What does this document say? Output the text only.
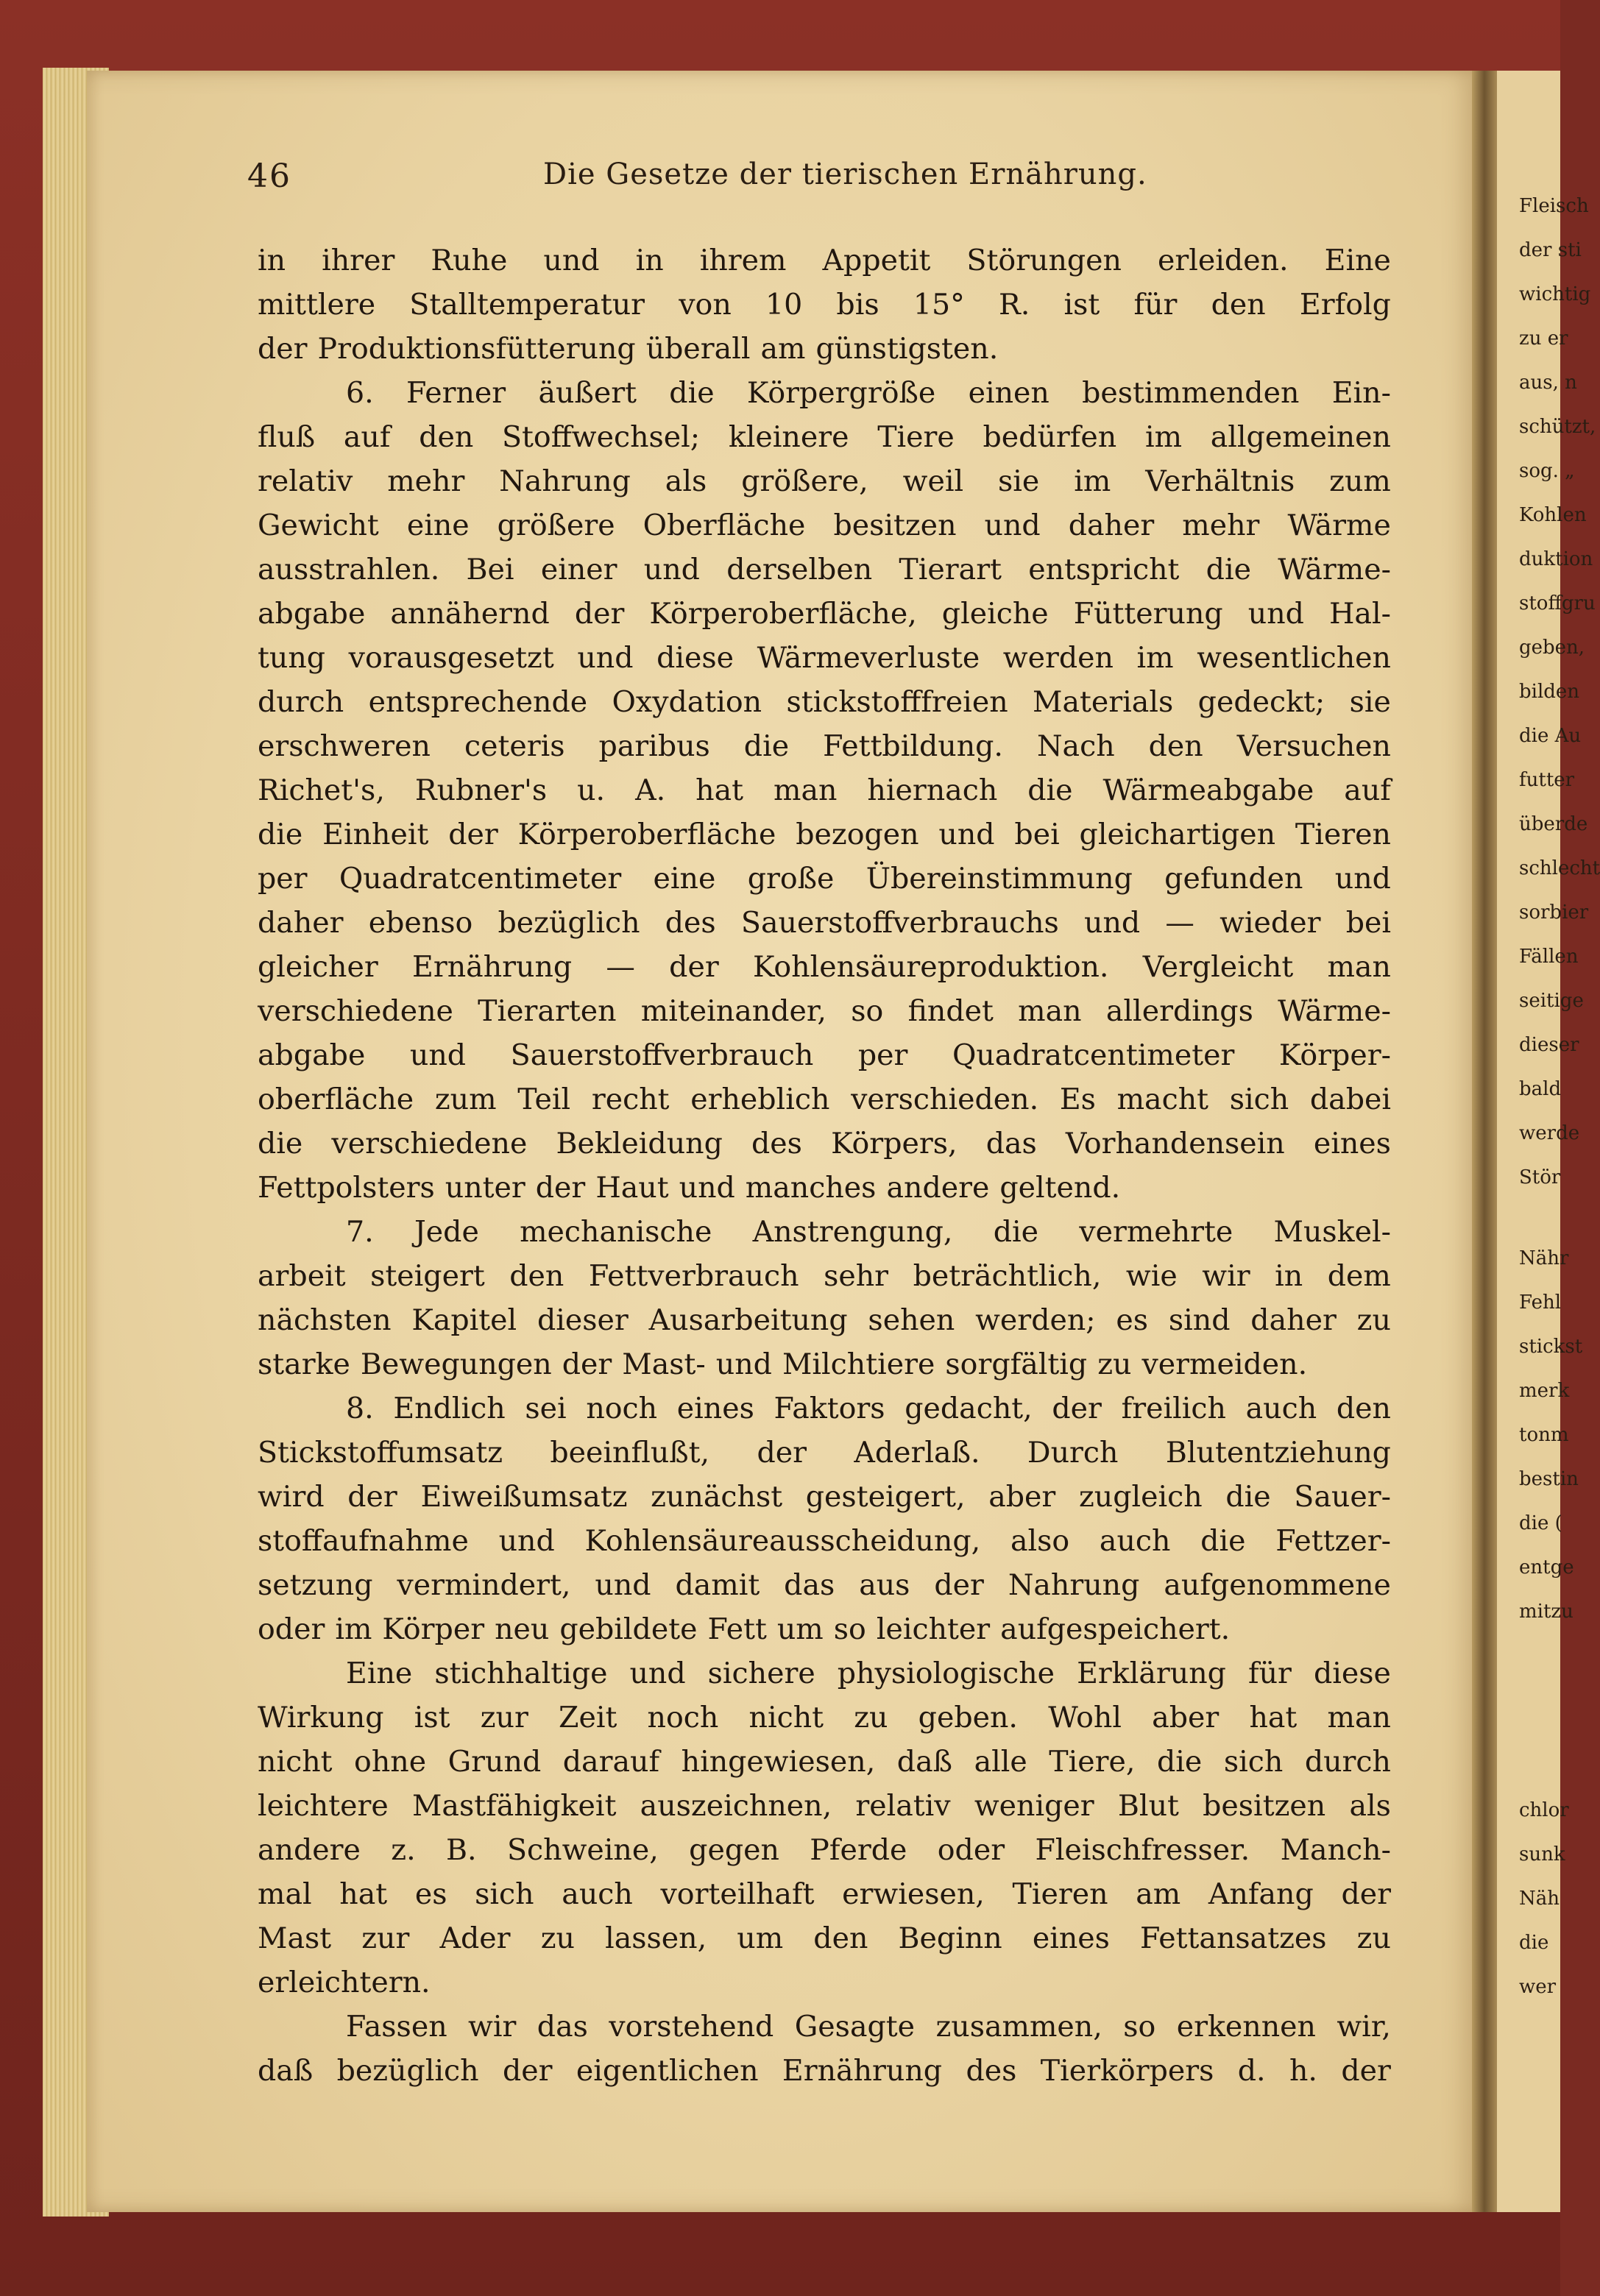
46	Die Gesetze der tierischen Ernährung.
in ihrer Ruhe und in ihrem Appetit Störungen erleiden. Eine
mittlere Stalltemperatur von 10 bis 15° R. ist für den Erfolg
der Produktionsfütterung überall am günstigsten.
6. Ferner äußert die Körpergröße einen bestimmenden Ein-
fluß auf den Stoffwechsel; kleinere Tiere bedürfen im allgemeinen
relativ mehr Nahrung als größere, weil sie im Verhältnis zum
Gewicht eine größere Oberfläche besitzen und daher mehr Wärme
ausstrahlen. Bei einer und derselben Tierart entspricht die Wärme-
abgabe annähernd der Körperoberfläche, gleiche Fütterung und Hal-
tung vorausgesetzt und diese Wärmeverluste werden im wesentlichen
durch entsprechende Oxydation stickstofffreien Materials gedeckt; sie
erschweren ceteris paribus die Fettbildung. Nach den Versuchen
Richet's, Rubner's u. A. hat man hiernach die Wärmeabgabe auf
die Einheit der Körperoberfläche bezogen und bei gleichartigen Tieren
per Quadratcentimeter eine große Übereinstimmung gefunden und
daher ebenso bezüglich des Sauerstoffverbrauchs und — wieder bei
gleicher Ernährung — der Kohlensäureproduktion. Vergleicht man
verschiedene Tierarten miteinander, so findet man allerdings Wärme-
abgabe und Sauerstoffverbrauch per Quadratcentimeter Körper-
oberfläche zum Teil recht erheblich verschieden. Es macht sich dabei
die verschiedene Bekleidung des Körpers, das Vorhandensein eines
Fettpolsters unter der Haut und manches andere geltend.
7. Jede mechanische Anstrengung, die vermehrte Muskel-
arbeit steigert den Fettverbrauch sehr beträchtlich, wie wir in dem
nächsten Kapitel dieser Ausarbeitung sehen werden; es sind daher zu
starke Bewegungen der Mast- und Milchtiere sorgfältig zu vermeiden.
8. Endlich sei noch eines Faktors gedacht, der freilich auch den
Stickstoffumsatz beeinflußt, der Aderlaß. Durch Blutentziehung
wird der Eiweißumsatz zunächst gesteigert, aber zugleich die Sauer-
stoffaufnahme und Kohlensäureausscheidung, also auch die Fettzer-
setzung vermindert, und damit das aus der Nahrung aufgenommene
oder im Körper neu gebildete Fett um so leichter aufgespeichert.
Eine stichhaltige und sichere physiologische Erklärung für diese
Wirkung ist zur Zeit noch nicht zu geben. Wohl aber hat man
nicht ohne Grund darauf hingewiesen, daß alle Tiere, die sich durch
leichtere Mastfähigkeit auszeichnen, relativ weniger Blut besitzen als
andere z. B. Schweine, gegen Pferde oder Fleischfresser. Manch-
mal hat es sich auch vorteilhaft erwiesen, Tieren am Anfang der
Mast zur Ader zu lassen, um den Beginn eines Fettansatzes zu
erleichtern.
Fassen wir das vorstehend Gesagte zusammen, so erkennen wir,
daß bezüglich der eigentlichen Ernährung des Tierkörpers d. h. der
Fleisch
der sti
wichtig
zu er
aus, n
schützt,
sog. „
Kohlen
duktion
stoffgru
geben,
bilden
die Au
futter
überde
schlecht
sorbier
Fällen
seitige
dieser
bald
werde
Stör
Nähr
Fehl
stickst
merk
tonm
bestin
die (
entge
mitzu
chlor
sunk
Näh
die
wer
